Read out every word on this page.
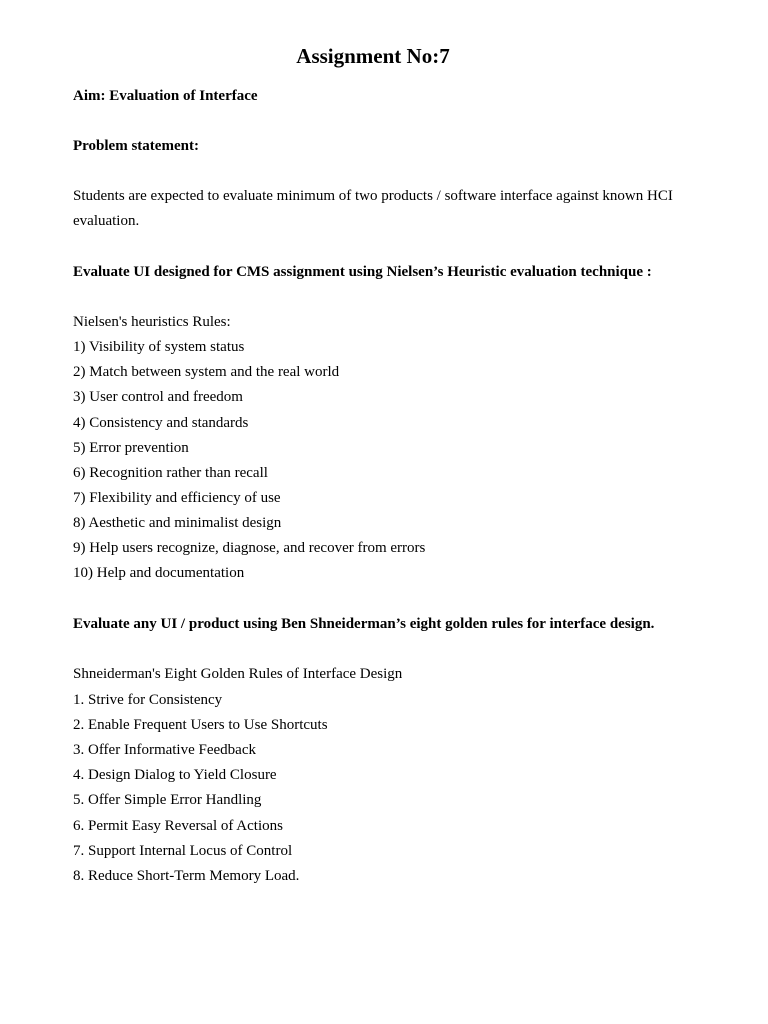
Assignment No:7
Aim: Evaluation of Interface
Problem statement:
Students are expected to evaluate minimum of two products / software interface against known HCI evaluation.
Evaluate UI designed for CMS assignment using Nielsen’s Heuristic evaluation technique :
Nielsen's heuristics Rules:
1) Visibility of system status
2) Match between system and the real world
3) User control and freedom
4) Consistency and standards
5) Error prevention
6) Recognition rather than recall
7) Flexibility and efficiency of use
8) Aesthetic and minimalist design
9) Help users recognize, diagnose, and recover from errors
10) Help and documentation
Evaluate any UI / product using Ben Shneiderman’s eight golden rules for interface design.
Shneiderman's Eight Golden Rules of Interface Design
1. Strive for Consistency
2. Enable Frequent Users to Use Shortcuts
3. Offer Informative Feedback
4. Design Dialog to Yield Closure
5. Offer Simple Error Handling
6. Permit Easy Reversal of Actions
7. Support Internal Locus of Control
8. Reduce Short-Term Memory Load.
